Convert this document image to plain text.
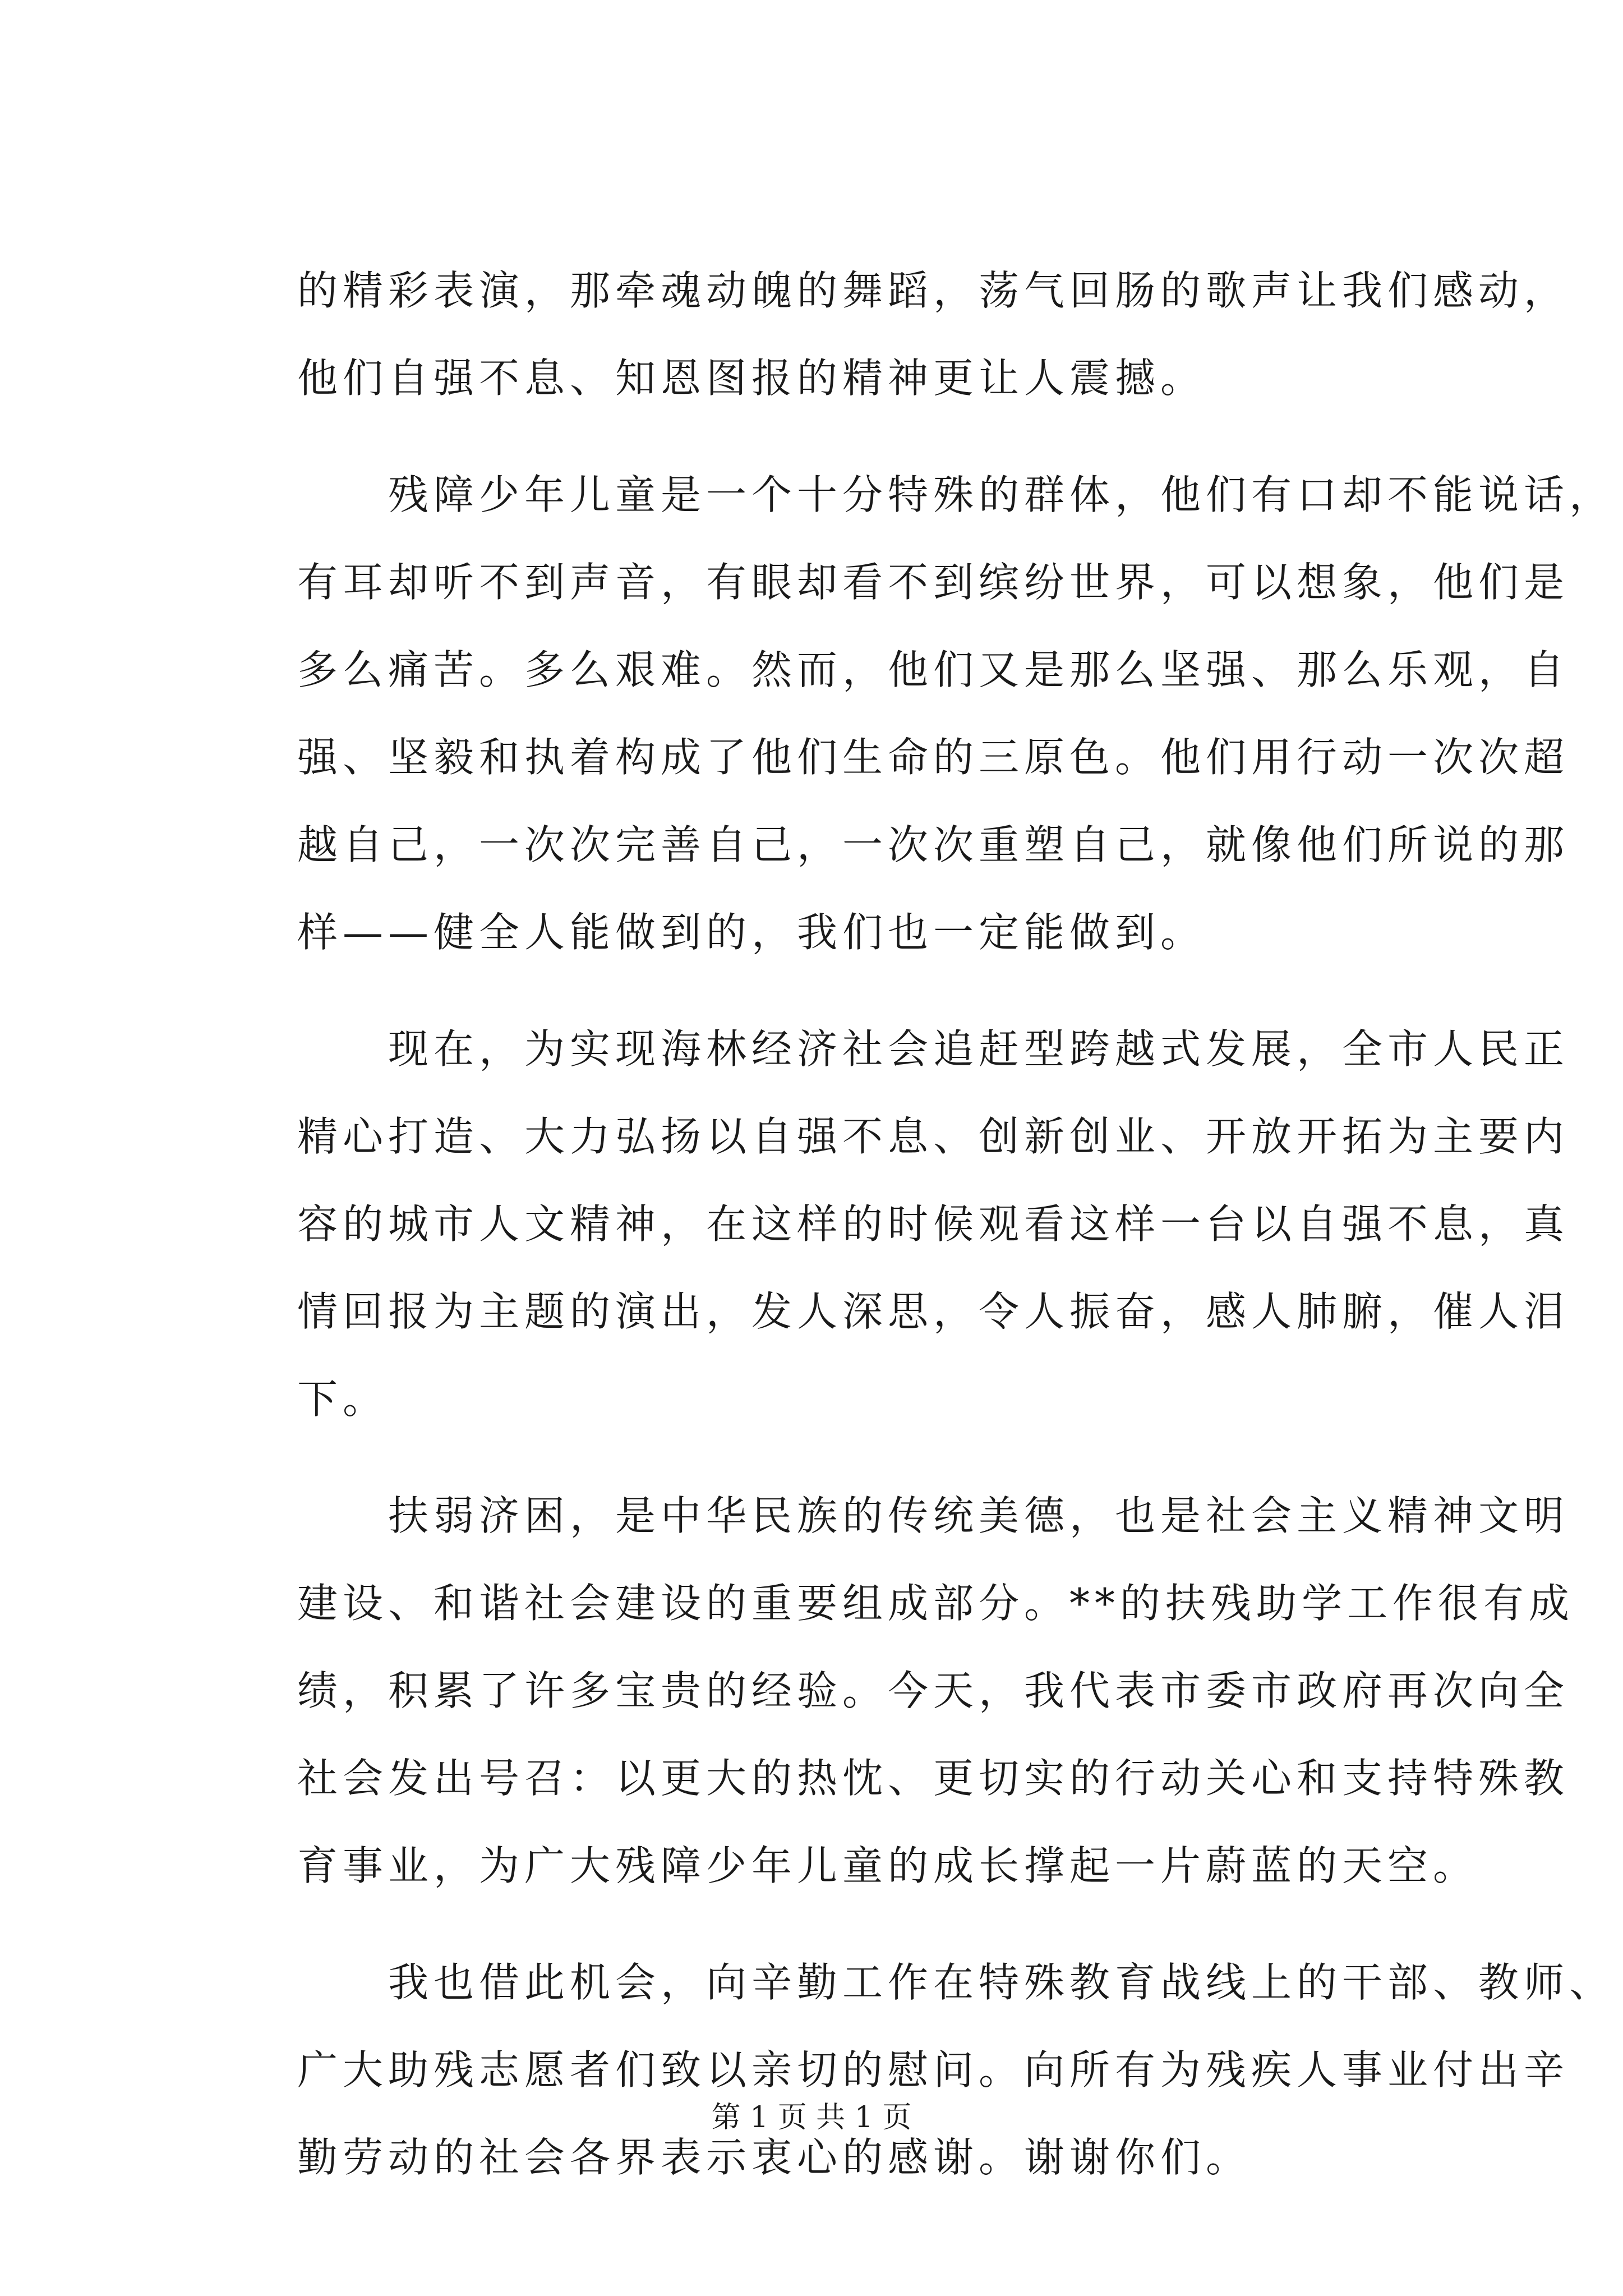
的精彩表演，那牵魂动魄的舞蹈，荡气回肠的歌声让我们感动，
他们自强不息、知恩图报的精神更让人震撼。
残障少年儿童是一个十分特殊的群体，他们有口却不能说话，
有耳却听不到声音，有眼却看不到缤纷世界，可以想象，他们是
多么痛苦。多么艰难。然而，他们又是那么坚强、那么乐观，自
强、坚毅和执着构成了他们生命的三原色。他们用行动一次次超
越自己，一次次完善自己，一次次重塑自己，就像他们所说的那
样——健全人能做到的，我们也一定能做到。
现在，为实现海林经济社会追赶型跨越式发展，全市人民正
精心打造、大力弘扬以自强不息、创新创业、开放开拓为主要内
容的城市人文精神，在这样的时候观看这样一台以自强不息，真
情回报为主题的演出，发人深思，令人振奋，感人肺腑，催人泪
下。
扶弱济困，是中华民族的传统美德，也是社会主义精神文明
建设、和谐社会建设的重要组成部分。**的扶残助学工作很有成
绩，积累了许多宝贵的经验。今天，我代表市委市政府再次向全
社会发出号召：以更大的热忱、更切实的行动关心和支持特殊教
育事业，为广大残障少年儿童的成长撑起一片蔚蓝的天空。
我也借此机会，向辛勤工作在特殊教育战线上的干部、教师、
广大助残志愿者们致以亲切的慰问。向所有为残疾人事业付出辛
勤劳动的社会各界表示衷心的感谢。谢谢你们。
第 1 页 共 1 页
